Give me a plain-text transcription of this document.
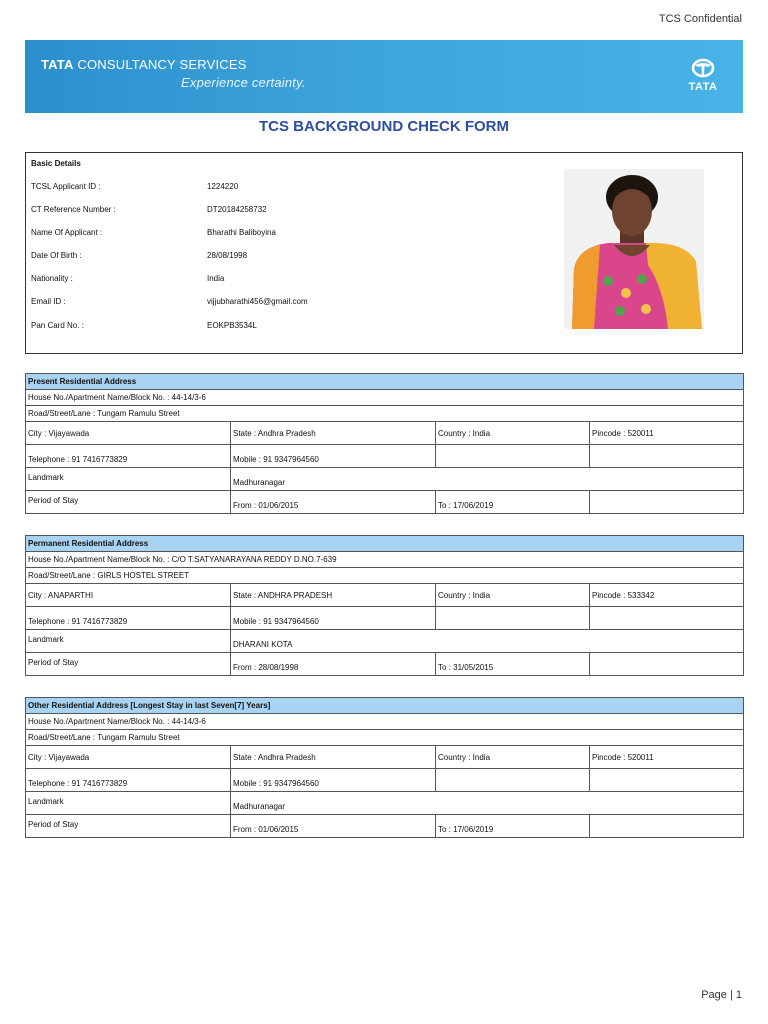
TCS Confidential
TATA CONSULTANCY SERVICES
Experience certainty.	TATA
TCS BACKGROUND CHECK FORM
Basic Details
TCSL Applicant ID :	1224220
CT Reference Number :	DT20184258732
Name Of Applicant :	Bharathi Baliboyina
Date Of Birth :	28/08/1998
Nationality :	India
Email ID :	vijjubharathi456@gmail.com
Pan Card No. :	EOKPB3534L
Present Residential Address			
House No./Apartment Name/Block No. : 44-14/3-6			
Road/Street/Lane : Tungam Ramulu Street			
City : Vijayawada	State : Andhra Pradesh	Country : India	Pincode : 520011
Telephone : 91 7416773829	Mobile : 91 9347964560		
Landmark	Madhuranagar		
Period of Stay	From : 01/06/2015	To : 17/06/2019	
Permanent Residential Address			
House No./Apartment Name/Block No. : C/O T.SATYANARAYANA REDDY D.NO.7-639			
Road/Street/Lane : GIRLS HOSTEL STREET			
City : ANAPARTHI	State : ANDHRA PRADESH	Country : India	Pincode : 533342
Telephone : 91 7416773829	Mobile : 91 9347964560		
Landmark	DHARANI KOTA		
Period of Stay	From : 28/08/1998	To : 31/05/2015	
Other Residential Address [Longest Stay in last Seven[7] Years]			
House No./Apartment Name/Block No. : 44-14/3-6			
Road/Street/Lane : Tungam Ramulu Street			
City : Vijayawada	State : Andhra Pradesh	Country : India	Pincode : 520011
Telephone : 91 7416773829	Mobile : 91 9347964560		
Landmark	Madhuranagar		
Period of Stay	From : 01/06/2015	To : 17/06/2019	
Page | 1
